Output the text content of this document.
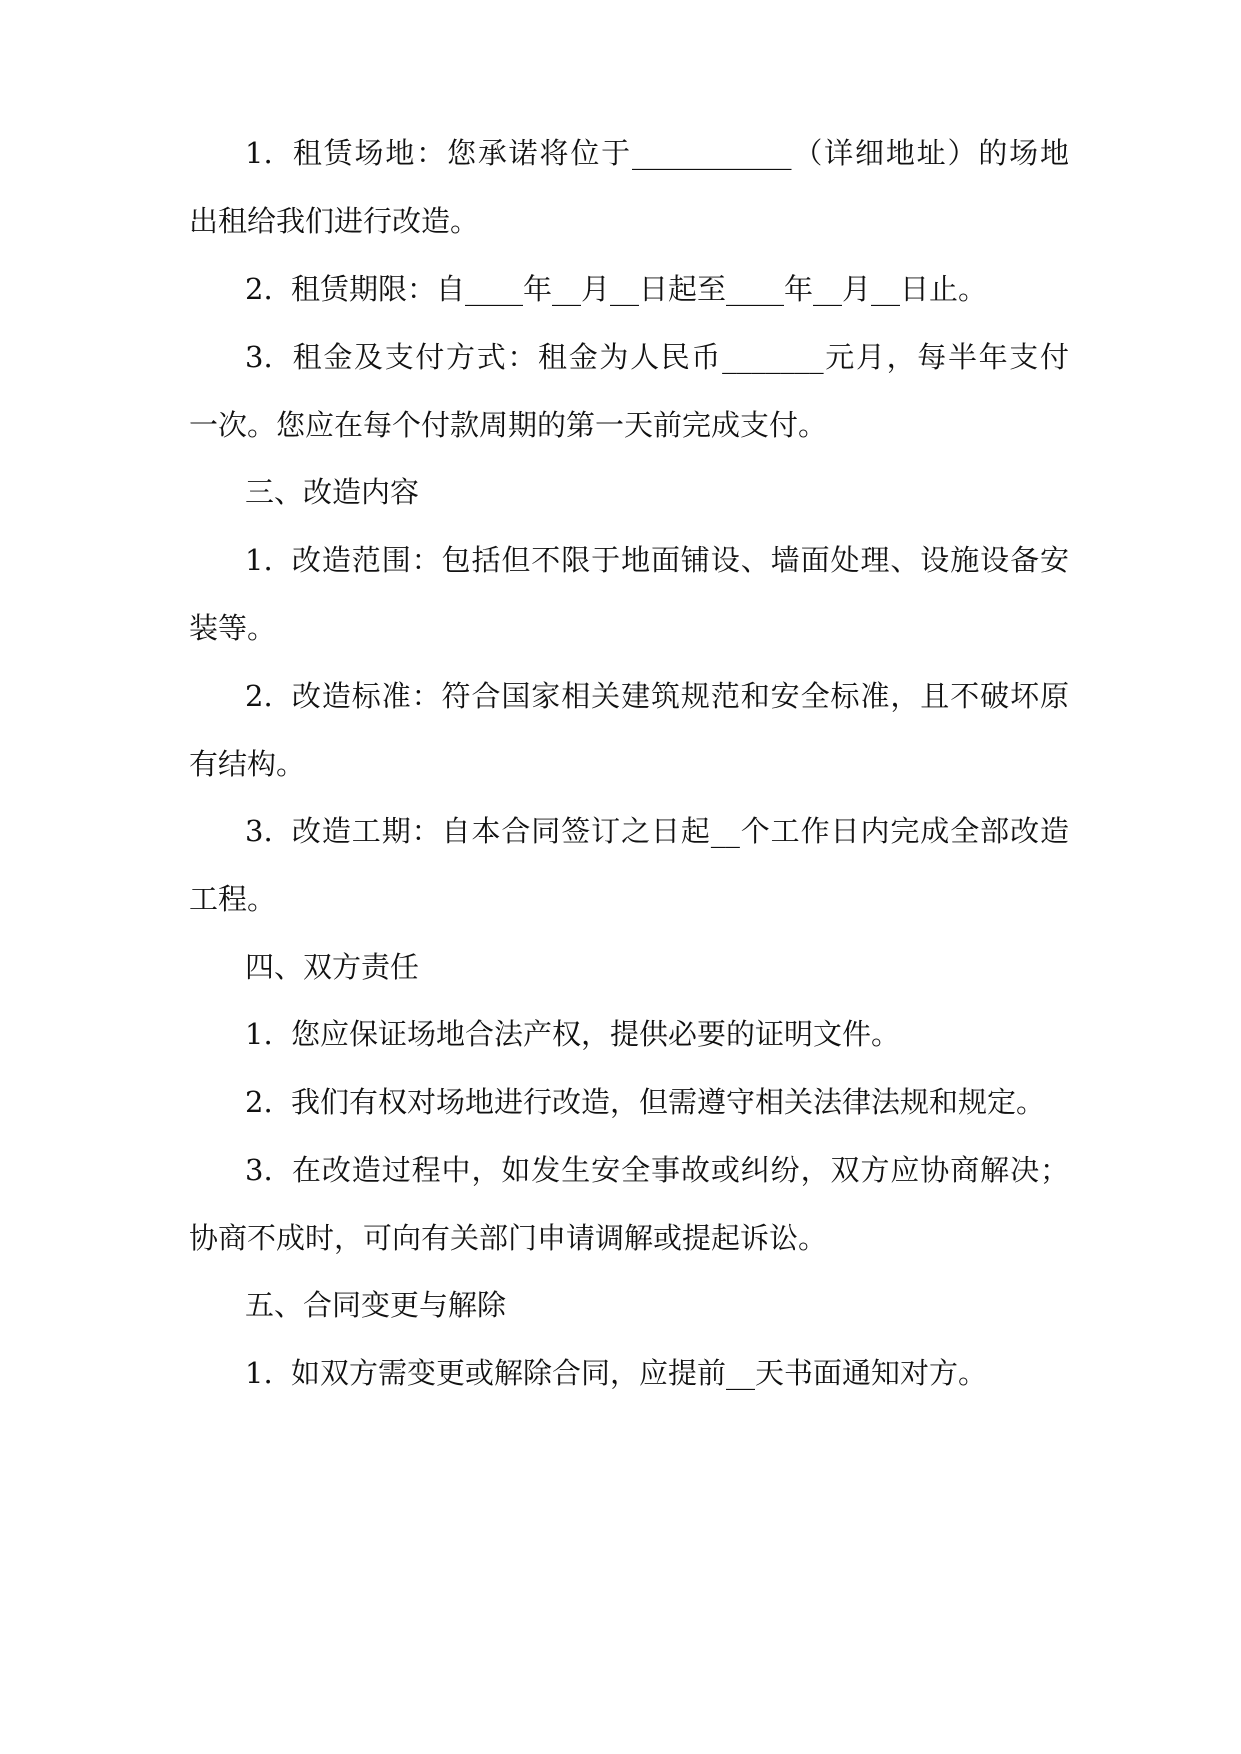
1. 租赁场地：您承诺将位于___________（详细地址）的场地
出租给我们进行改造。
2. 租赁期限：自____年__月__日起至____年__月__日止。
3. 租金及支付方式：租金为人民币_______元月，每半年支付
一次。您应在每个付款周期的第一天前完成支付。
三、改造内容
1. 改造范围：包括但不限于地面铺设、墙面处理、设施设备安
装等。
2. 改造标准：符合国家相关建筑规范和安全标准，且不破坏原
有结构。
3. 改造工期：自本合同签订之日起__个工作日内完成全部改造
工程。
四、双方责任
1. 您应保证场地合法产权，提供必要的证明文件。
2. 我们有权对场地进行改造，但需遵守相关法律法规和规定。
3. 在改造过程中，如发生安全事故或纠纷，双方应协商解决；
协商不成时，可向有关部门申请调解或提起诉讼。
五、合同变更与解除
1. 如双方需变更或解除合同，应提前__天书面通知对方。
